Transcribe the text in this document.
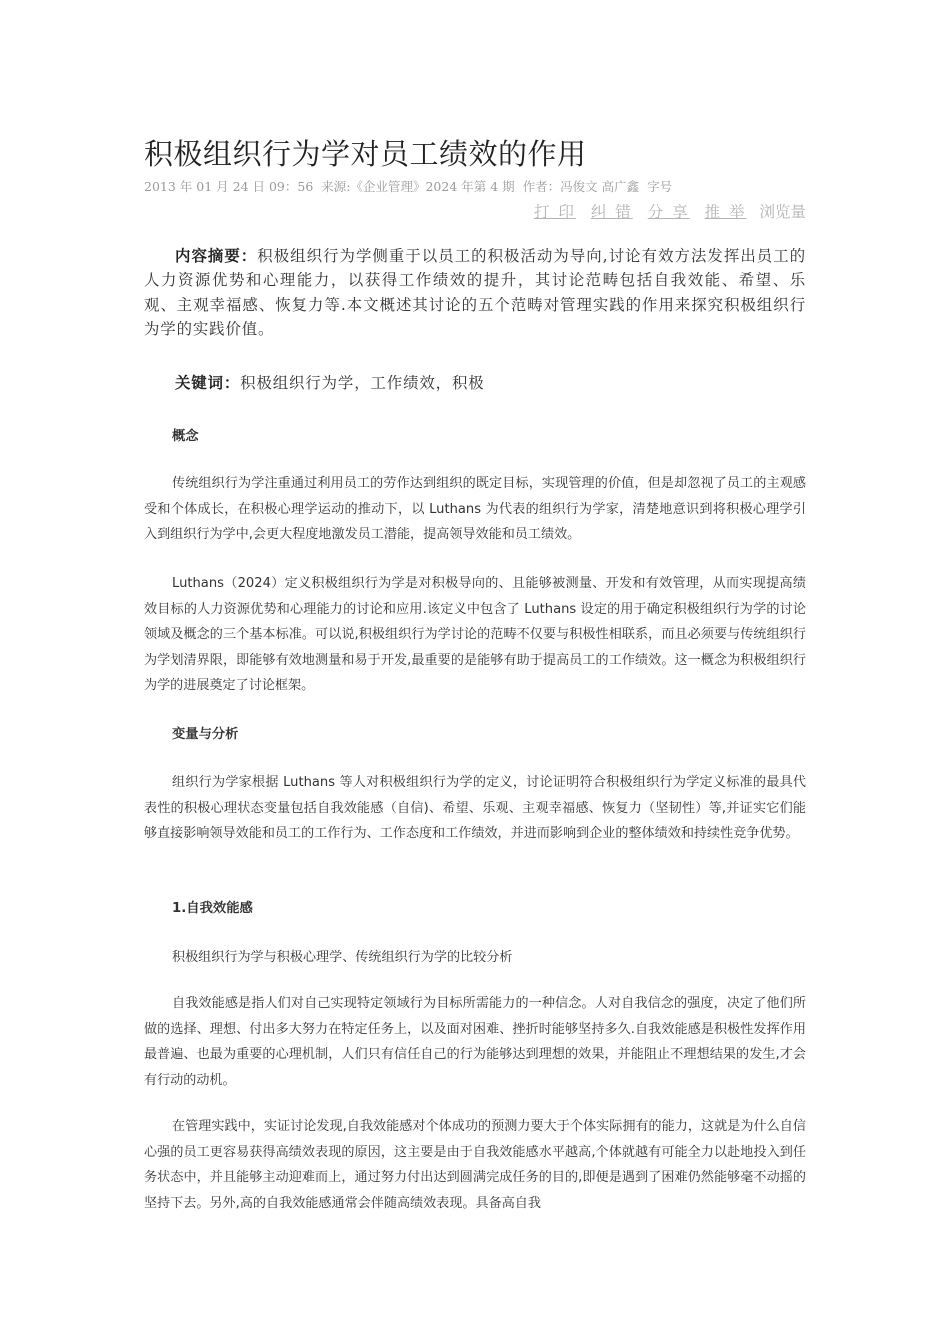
积极组织行为学对员工绩效的作用
2013 年 01 月 24 日 09：56 来源:《企业管理》2024 年第 4 期 作者：冯俊文 高广鑫 字号
打 印 纠 错 分 享 推 举 浏览量

内容摘要：积极组织行为学侧重于以员工的积极活动为导向,讨论有效方法发挥出员工的人力资源优势和心理能力，以获得工作绩效的提升，其讨论范畴包括自我效能、希望、乐观、主观幸福感、恢复力等.本文概述其讨论的五个范畴对管理实践的作用来探究积极组织行为学的实践价值。

关键词：积极组织行为学，工作绩效，积极

概念

传统组织行为学注重通过利用员工的劳作达到组织的既定目标，实现管理的价值，但是却忽视了员工的主观感受和个体成长，在积极心理学运动的推动下，以 Luthans 为代表的组织行为学家，清楚地意识到将积极心理学引入到组织行为学中,会更大程度地激发员工潜能，提高领导效能和员工绩效。

Luthans（2024）定义积极组织行为学是对积极导向的、且能够被测量、开发和有效管理，从而实现提高绩效目标的人力资源优势和心理能力的讨论和应用.该定义中包含了 Luthans 设定的用于确定积极组织行为学的讨论领域及概念的三个基本标准。可以说,积极组织行为学讨论的范畴不仅要与积极性相联系，而且必须要与传统组织行为学划清界限，即能够有效地测量和易于开发,最重要的是能够有助于提高员工的工作绩效。这一概念为积极组织行为学的进展奠定了讨论框架。

变量与分析

组织行为学家根据 Luthans 等人对积极组织行为学的定义，讨论证明符合积极组织行为学定义标准的最具代表性的积极心理状态变量包括自我效能感（自信)、希望、乐观、主观幸福感、恢复力（坚韧性）等,并证实它们能够直接影响领导效能和员工的工作行为、工作态度和工作绩效，并进而影响到企业的整体绩效和持续性竞争优势。

1.自我效能感

积极组织行为学与积极心理学、传统组织行为学的比较分析

自我效能感是指人们对自己实现特定领域行为目标所需能力的一种信念。人对自我信念的强度，决定了他们所做的选择、理想、付出多大努力在特定任务上，以及面对困难、挫折时能够坚持多久.自我效能感是积极性发挥作用最普遍、也最为重要的心理机制，人们只有信任自己的行为能够达到理想的效果，并能阻止不理想结果的发生,才会有行动的动机。

在管理实践中，实证讨论发现,自我效能感对个体成功的预测力要大于个体实际拥有的能力，这就是为什么自信心强的员工更容易获得高绩效表现的原因，这主要是由于自我效能感水平越高,个体就越有可能全力以赴地投入到任务状态中，并且能够主动迎难而上，通过努力付出达到圆满完成任务的目的,即便是遇到了困难仍然能够毫不动摇的坚持下去。另外,高的自我效能感通常会伴随高绩效表现。具备高自我
